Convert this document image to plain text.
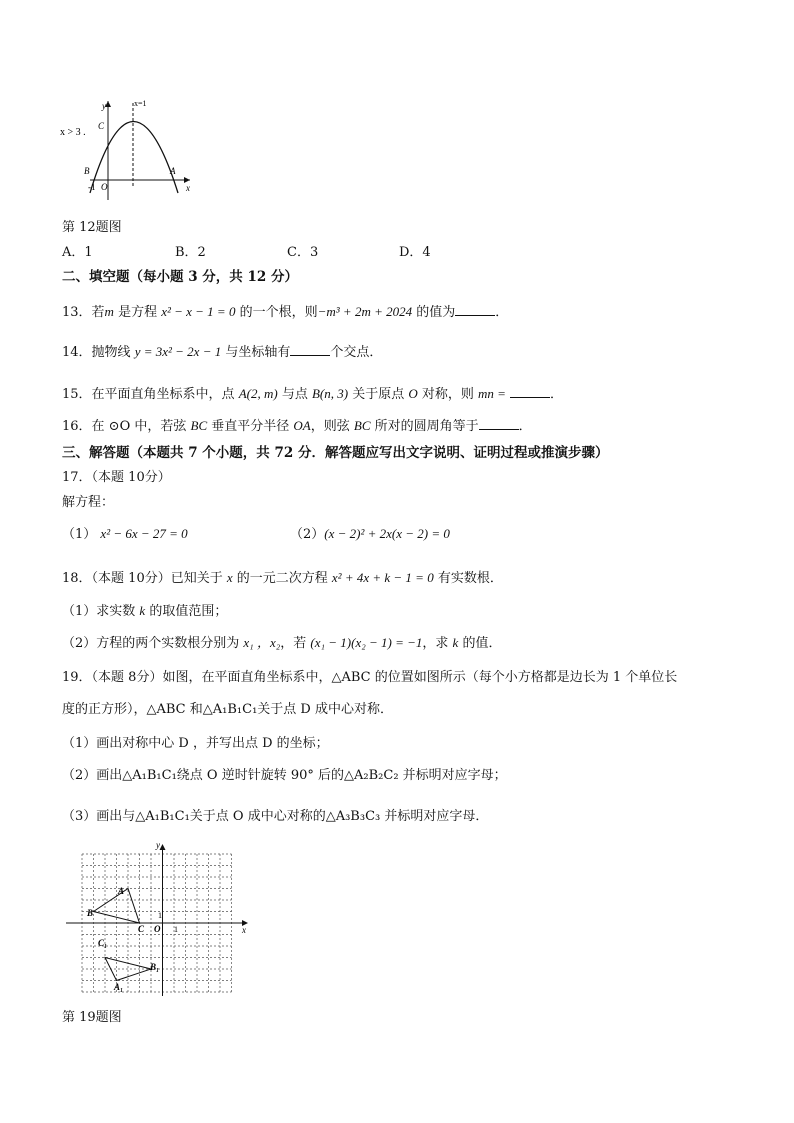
x > 3 .
y
x
x=1
C
B	A
-1 O
第 12题图
A．1	B．2	C．3	D．4
二、填空题（每小题 3 分，共 12 分）
13．若m 是方程 x² − x − 1 = 0 的一个根，则−m³ + 2m + 2024 的值为	．
14．抛物线 y = 3x² − 2x − 1 与坐标轴有	个交点．
15．在平面直角坐标系中，点 A(2, m) 与点 B(n, 3) 关于原点 O 对称，则 mn =	．
16．在 ⊙O 中，若弦 BC 垂直平分半径 OA，则弦 BC 所对的圆周角等于	．
三、解答题（本题共 7 个小题，共 72 分．解答题应写出文字说明、证明过程或推演步骤）
17．（本题 10分）
解方程：
（1） x² − 6x − 27 = 0	（2）(x − 2)² + 2x(x − 2) = 0
18．（本题 10分）已知关于 x 的一元二次方程 x² + 4x + k − 1 = 0 有实数根．
（1）求实数 k 的取值范围；
（2）方程的两个实数根分别为 x₁ ，x₂，若 (x₁ − 1)(x₂ − 1) = −1，求 k 的值．
19．（本题 8分）如图，在平面直角坐标系中，△ABC 的位置如图所示（每个小方格都是边长为 1 个单位长
度的正方形），△ABC 和△A₁B₁C₁关于点 D 成中心对称．
（1）画出对称中心 D ，并写出点 D 的坐标；
（2）画出△A₁B₁C₁绕点 O 逆时针旋转 90° 后的△A₂B₂C₂ 并标明对应字母；
（3）画出与△A₁B₁C₁关于点 O 成中心对称的△A₃B₃C₃ 并标明对应字母．
y
x
A
B
C O 1
1
C₁
B₁
A₁
第 19题图
